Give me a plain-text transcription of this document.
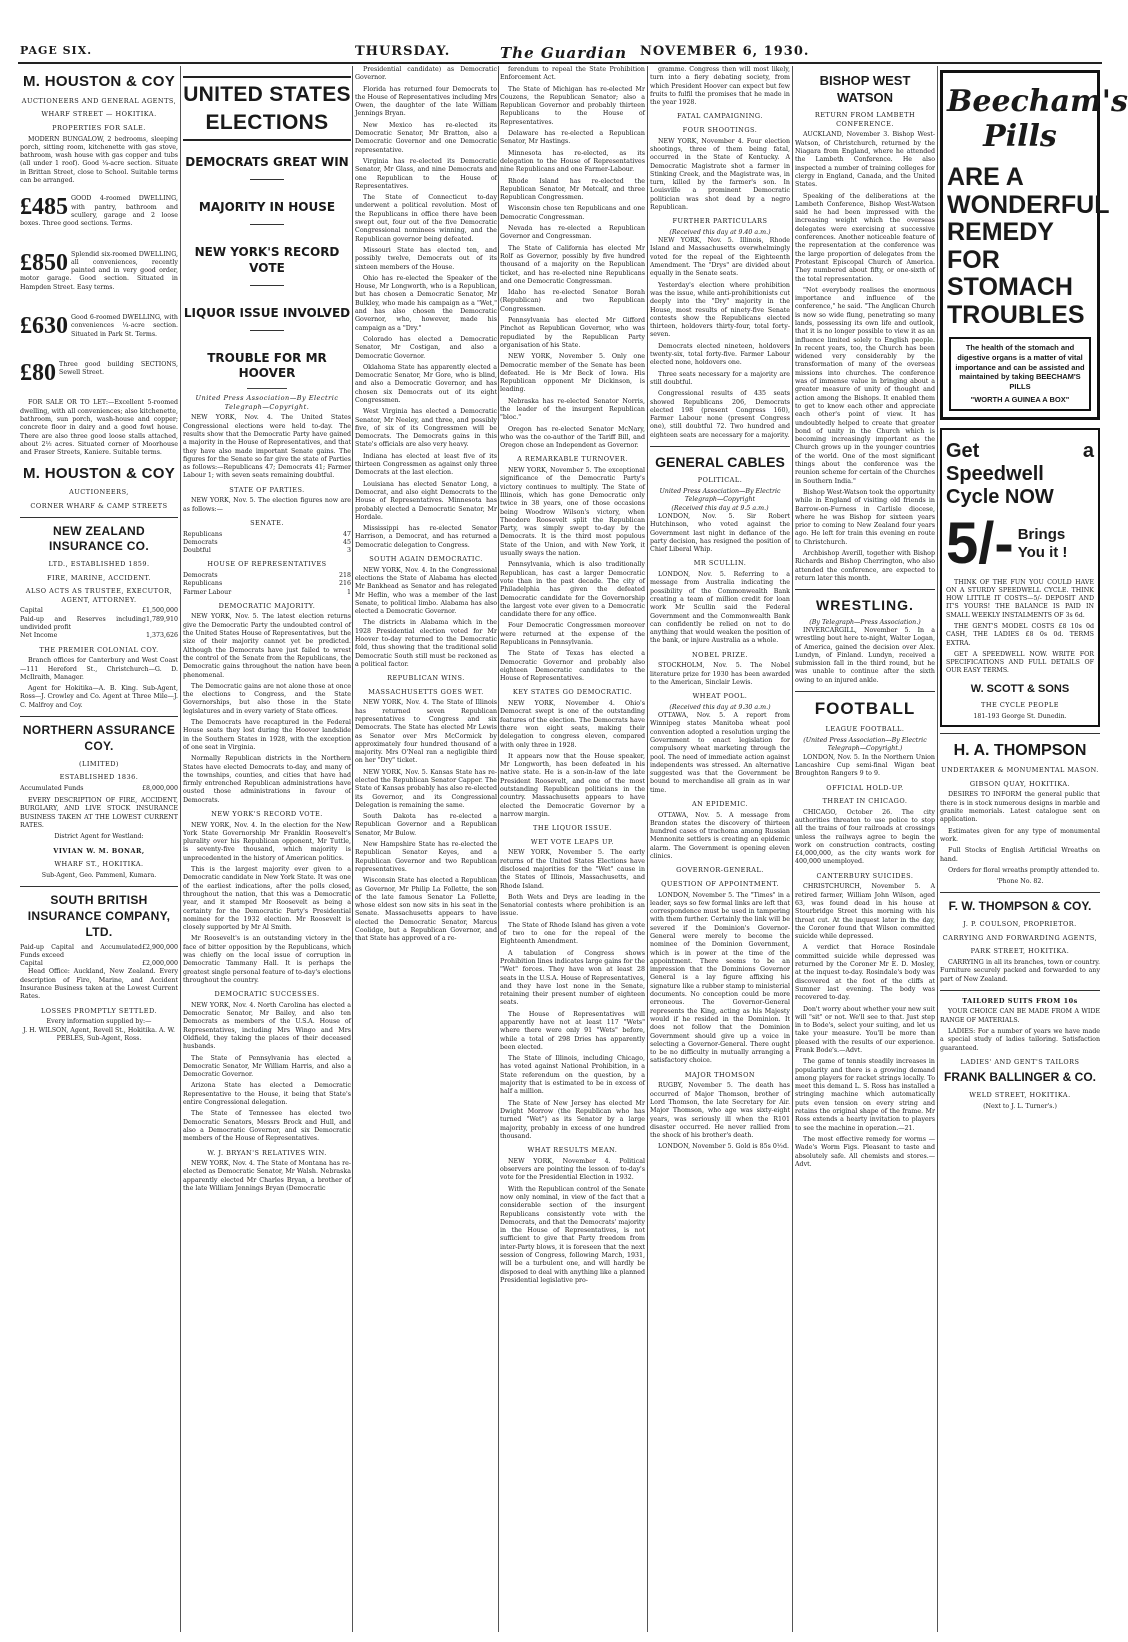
PAGE SIX.	THURSDAY.	The Guardian NOVEMBER 6, 1930.
M. HOUSTON & COY
AUCTIONEERS AND GENERAL AGENTS,
WHARF STREET — HOKITIKA.
PROPERTIES FOR SALE.

MODERN BUNGALOW, 2 bedrooms, sleeping porch, sitting room, kitchenette with gas stove, bathroom, wash house with gas copper and tubs (all under 1 roof). Good ¼-acre section. Situate in Brittan Street, close to School. Suitable terms can be arranged.

£485 GOOD 4-roomed DWELLING, with pantry, bathroom and scullery, garage and 2 loose boxes. Three good sections. Terms.
£850 Splendid six-roomed DWELLING, all conveniences, recently painted and in very good order, motor garage. Good section. Situated in Hampden Street. Easy terms.
£630 Good 6-roomed DWELLING, with conveniences ¼-acre section. Situated in Park St. Terms.
£80 Three good building SECTIONS, Sewell Street.

FOR SALE OR TO LET:—Excellent 5-roomed dwelling, with all conveniences; also kitchenette, bathroom, sun porch, wash-house and copper; concrete floor in dairy and a good fowl house. There are also three good loose stalls attached, about 2½ acres. Situated corner of Moorhouse and Fraser Streets, Kaniere. Suitable terms.

M. HOUSTON & COY
AUCTIONEERS,
CORNER WHARF & CAMP STREETS
NEW ZEALAND INSURANCE CO.
LTD., ESTABLISHED 1859.
FIRE, MARINE, ACCIDENT.
ALSO ACTS AS TRUSTEE, EXECUTOR, AGENT, ATTORNEY.
Capital	£1,500,000
Paid-up and Reserves including undivided profit
1,789,910
Net Income	1,373,626
THE PREMIER COLONIAL COY.

Branch offices for Canterbury and West Coast—111 Hereford St., Christchurch—G. D. McIlraith, Manager.

Agent for Hokitika—A. B. King. Sub-Agent, Ross—J. Crowley and Co. Agent at Three Mile—J. C. Malfroy and Coy.

NORTHERN ASSURANCE COY.
(LIMITED)
ESTABLISHED 1836.
Accumulated Funds	£8,000,000

EVERY DESCRIPTION OF FIRE, ACCIDENT, BURGLARY, AND LIVE STOCK INSURANCE BUSINESS TAKEN AT THE LOWEST CURRENT RATES.

District Agent for Westland:
VIVIAN W. M. BONAR,
WHARF ST., HOKITIKA.
Sub-Agent, Geo. Pammenl, Kumara.
SOUTH BRITISH INSURANCE COMPANY, LTD.
Paid-up Capital and Accumulated Funds exceed
£2,900,000
Capital	£2,000,000

Head Office: Auckland, New Zealand. Every description of Fire, Marine, and Accident Insurance Business taken at the Lowest Current Rates.

LOSSES PROMPTLY SETTLED.
Every information supplied by:—
J. H. WILSON, Agent, Revell St., Hokitika. A. W. PEBLES, Sub-Agent, Ross.
UNITED STATES ELECTIONS
DEMOCRATS GREAT WIN
MAJORITY IN HOUSE
NEW YORK'S RECORD VOTE
LIQUOR ISSUE INVOLVED
TROUBLE FOR MR HOOVER
United Press Association—By Electric Telegraph—Copyright.

NEW YORK, Nov. 4. The United States Congressional elections were held to-day. The results show that the Democratic Party have gained a majority in the House of Representatives, and that they have also made important Senate gains. The figures for the Senate so far give the state of Parties as follows:—Republicans 47; Democrats 41; Farmer Labour 1; with seven seats remaining doubtful.

STATE OF PARTIES.

NEW YORK, Nov. 5. The election figures now are as follows:—

SENATE.
Republicans	47
Democrats	45
Doubtful	3
HOUSE OF REPRESENTATIVES
Democrats	218
Republicans	216
Farmer Labour	1
DEMOCRATIC MAJORITY.

NEW YORK, Nov. 5. The latest election returns give the Democratic Party the undoubted control of the United States House of Representatives, but the size of their majority cannot yet be predicted. Although the Democrats have just failed to wrest the control of the Senate from the Republicans, the Democratic gains throughout the nation have been phenomenal.

The Democratic gains are not alone those at once the elections to Congress, and the State Governorships, but also those in the State legislatures and in every variety of State offices.

The Democrats have recaptured in the Federal House seats they lost during the Hoover landslide in the Southern States in 1928, with the exception of one seat in Virginia.

Normally Republican districts in the Northern States have elected Democrats to-day, and many of the townships, counties, and cities that have had firmly entrenched Republican administrations have ousted those administrations in favour of Democrats.

NEW YORK'S RECORD VOTE.

NEW YORK, Nov. 4. In the election for the New York State Governorship Mr Franklin Roosevelt's plurality over his Republican opponent, Mr Tuttle, is seventy-five thousand, which majority is unprecedented in the history of American politics.

This is the largest majority ever given to a Democratic candidate in New York State. It was one of the earliest indications, after the polls closed, throughout the nation, that this was a Democratic year, and it stamped Mr Roosevelt as being a certainty for the Democratic Party's Presidential nominee for the 1932 election. Mr Roosevelt is closely supported by Mr Al Smith.

Mr Roosevelt's is an outstanding victory in the face of bitter opposition by the Republicans, which was chiefly on the local issue of corruption in Democratic Tammany Hall. It is perhaps the greatest single personal feature of to-day's elections throughout the country.

DEMOCRATIC SUCCESSES.

NEW YORK, Nov. 4. North Carolina has elected a Democratic Senator, Mr Bailey, and also ten Democrats as members of the U.S.A. House of Representatives, including Mrs Wingo and Mrs Oldfield, they taking the places of their deceased husbands.

The State of Pennsylvania has elected a Democratic Senator, Mr William Harris, and also a Democratic Governor.

Arizona State has elected a Democratic Representative to the House, it being that State's entire Congressional delegation.

The State of Tennessee has elected two Democratic Senators, Messrs Brock and Hull, and also a Democratic Governor, and six Democratic members of the House of Representatives.

W. J. BRYAN'S RELATIVES WIN.

NEW YORK, Nov. 4. The State of Montana has re-elected as Democratic Senator, Mr Walsh. Nebraska apparently elected Mr Charles Bryan, a brother of the late William Jennings Bryan (Democratic

Presidential candidate) as Democratic Governor.

Florida has returned four Democrats to the House of Representatives including Mrs Owen, the daughter of the late William Jennings Bryan.

New Mexico has re-elected its Democratic Senator, Mr Bratton, also a Democratic Governor and one Democratic representative.

Virginia has re-elected its Democratic Senator, Mr Glass, and nine Democrats and one Republican to the House of Representatives.

The State of Connecticut to-day underwent a political revolution. Most of the Republicans in office there have been swept out, four out of the five Democratic Congressional nominees winning, and the Republican governor being defeated.

Missouri State has elected ten, and possibly twelve, Democrats out of its sixteen members of the House.

Ohio has re-elected the Speaker of the House, Mr Longworth, who is a Republican, but has chosen a Democratic Senator, Mr Bulkley, who made his campaign as a "Wet," and has also chosen the Democratic Governor, who, however, made his campaign as a "Dry."

Colorado has elected a Democratic Senator, Mr Costigan, and also a Democratic Governor.

Oklahoma State has apparently elected a Democratic Senator, Mr Gore, who is blind, and also a Democratic Governor, and has chosen six Democrats out of its eight Congressmen.

West Virginia has elected a Democratic Senator, Mr Neeley, and three, and possibly five, of six of its Congressmen will be Democrats. The Democrats gains in this State's officials are also very heavy.

Indiana has elected at least five of its thirteen Congressmen as against only three Democrats at the last election.

Louisiana has elected Senator Long, a Democrat, and also eight Democrats to the House of Representatives. Minnesota has probably elected a Democratic Senator, Mr Hordale.

Mississippi has re-elected Senator Harrison, a Democrat, and has returned a Democratic delegation to Congress.

SOUTH AGAIN DEMOCRATIC.

NEW YORK, Nov. 4. In the Congressional elections the State of Alabama has elected Mr Bankhead as Senator and has relegated Mr Heflin, who was a member of the last Senate, to political limbo. Alabama has also elected a Democratic Governor.

The districts in Alabama which in the 1928 Presidential election voted for Mr Hoover to-day returned to the Democratic fold, thus showing that the traditional solid Democratic South still must be reckoned as a political factor.

REPUBLICAN WINS.
MASSACHUSETTS GOES WET.

NEW YORK, Nov. 4. The State of Illinois has returned seven Republican representatives to Congress and six Democrats. The State has elected Mr Lewis as Senator over Mrs McCormick by approximately four hundred thousand of a majority. Mrs O'Neal ran a negligible third on her "Dry" ticket.

NEW YORK, Nov. 5. Kansas State has re-elected the Republican Senator Capper. The State of Kansas probably has also re-elected its Governor, and its Congressional Delegation is remaining the same.

South Dakota has re-elected a Republican Governor and a Republican Senator, Mr Bulow.

New Hampshire State has re-elected the Republican Senator Keyes, and a Republican Governor and two Republican representatives.

Wisconsin State has elected a Republican as Governor, Mr Philip La Follette, the son of the late famous Senator La Follette, whose eldest son now sits in his seat in the Senate. Massachusetts appears to have elected the Democratic Senator, Marcus Coolidge, but a Republican Governor, and that State has approved of a re-

ferendum to repeal the State Prohibition Enforcement Act.

The State of Michigan has re-elected Mr Couzens, the Republican Senator; also a Republican Governor and probably thirteen Republicans to the House of Representatives.

Delaware has re-elected a Republican Senator, Mr Hastings.

Minnesota has re-elected, as its delegation to the House of Representatives nine Republicans and one Farmer-Labour.

Rhode Island has re-elected the Republican Senator, Mr Metcalf, and three Republican Congressmen.

Wisconsin chose ten Republicans and one Democratic Congressman.

Nevada has re-elected a Republican Governor and Congressman.

The State of California has elected Mr Rolf as Governor, possibly by five hundred thousand of a majority on the Republican ticket, and has re-elected nine Republicans and one Democratic Congressman.

Idaho has re-elected Senator Borah (Republican) and two Republican Congressmen.

Pennsylvania has elected Mr Gifford Pinchot as Republican Governor, who was repudiated by the Republican Party organisation of his State.

NEW YORK, November 5. Only one Democratic member of the Senate has been defeated. He is Mr Beck of Iowa. His Republican opponent Mr Dickinson, is leading.

Nebraska has re-elected Senator Norris, the leader of the insurgent Republican "bloc."

Oregon has re-elected Senator McNary, who was the co-author of the Tariff Bill, and Oregon chose an Independent as Governor.

A REMARKABLE TURNOVER.

NEW YORK, November 5. The exceptional significance of the Democratic Party's victory continues to multiply. The State of Illinois, which has gone Democratic only twice in 38 years, one of those occasions being Woodrow Wilson's victory, when Theodore Roosevelt split the Republican Party, was simply swept to-day by the Democrats. It is the third most populous State of the Union, and with New York, it usually sways the nation.

Pennsylvania, which is also traditionally Republican, has cast a larger Democratic vote than in the past decade. The city of Philadelphia has given the defeated Democratic candidate for the Governorship the largest vote ever given to a Democratic candidate there for any office.

Four Democratic Congressmen moreover were returned at the expense of the Republicans in Pennsylvania.

The State of Texas has elected a Democratic Governor and probably also eighteen Democratic candidates to the House of Representatives.

KEY STATES GO DEMOCRATIC.

NEW YORK, November 4. Ohio's Democrat swept is one of the outstanding features of the election. The Democrats have there won eight seats, making their delegation to congress eleven, compared with only three in 1928.

It appears now that the House speaker, Mr Longworth, has been defeated in his native state. He is a son-in-law of the late President Roosevelt, and one of the most outstanding Republican politicians in the country. Massachusetts appears to have elected the Democratic Governor by a narrow margin.

THE LIQUOR ISSUE.
WET VOTE LEAPS UP.

NEW YORK, November 5. The early returns of the United States Elections have disclosed majorities for the "Wet" cause in the States of Illinois, Massachusetts, and Rhode Island.

Both Wets and Drys are leading in the Senatorial contests where prohibition is an issue.

The State of Rhode Island has given a vote of two to one for the repeal of the Eighteenth Amendment.

A tabulation of Congress shows Prohibition lines indicates large gains for the "Wet" forces. They have won at least 28 seats in the U.S.A. House of Representatives, and they have lost none in the Senate, retaining their present number of eighteen seats.

The House of Representatives will apparently have not at least 117 "Wets" where there were only 91 "Wets" before, while a total of 298 Dries has apparently been elected.

The State of Illinois, including Chicago, has voted against National Prohibition, in a State referendum on the question, by a majority that is estimated to be in excess of half a million.

The State of New Jersey has elected Mr Dwight Morrow (the Republican who has turned "Wet") as its Senator by a large majority, probably in excess of one hundred thousand.

WHAT RESULTS MEAN.

NEW YORK, November 4. Political observers are pointing the lesson of to-day's vote for the Presidential Election in 1932.

With the Republican control of the Senate now only nominal, in view of the fact that a considerable section of the insurgent Republicans consistently vote with the Democrats, and that the Democrats' majority in the House of Representatives, is not sufficient to give that Party freedom from inter-Party blows, it is foreseen that the next session of Congress, following March, 1931, will be a turbulent one, and will hardly be disposed to deal with anything like a planned Presidential legislative pro-

gramme. Congress then will most likely, turn into a fiery debating society, from which President Hoover can expect but few fruits to fulfil the promises that he made in the year 1928.

FATAL CAMPAIGNING.
FOUR SHOOTINGS.

NEW YORK, November 4. Four election shootings, three of them being fatal, occurred in the State of Kentucky. A Democratic Magistrate shot a farmer in Stinking Creek, and the Magistrate was, in turn, killed by the farmer's son. In Louisville a prominent Democratic politician was shot dead by a negro Republican.

FURTHER PARTICULARS
(Received this day at 9.40 a.m.)

NEW YORK, Nov. 5. Illinois, Rhode Island and Massachusetts overwhelmingly voted for the repeal of the Eighteenth Amendment. The "Drys" are divided about equally in the Senate seats.

Yesterday's election where prohibition was the issue, while anti-prohibitionists cut deeply into the "Dry" majority in the House, most results of ninety-five Senate contests show the Republicans elected thirteen, holdovers thirty-four, total forty-seven.

Democrats elected nineteen, holdovers twenty-six, total forty-five. Farmer Labour elected none, holdovers one.

Three seats necessary for a majority are still doubtful.

Congressional results of 435 seats showed Republicans 206, Democrats elected 198 (present Congress 160), Farmer Labour none (present Congress one), still doubtful 72. Two hundred and eighteen seats are necessary for a majority.

GENERAL CABLES
POLITICAL.
United Press Association—By Electric Telegraph—Copyright
(Received this day at 9.5 a.m.)

LONDON, Nov. 5. Sir Robert Hutchinson, who voted against the Government last night in defiance of the party decision, has resigned the position of Chief Liberal Whip.

MR SCULLIN.

LONDON, Nov. 5. Referring to a message from Australia indicating the possibility of the Commonwealth Bank creating a team of million credit for loan work Mr Scullin said the Federal Government and the Commonwealth Bank can confidently be relied on not to do anything that would weaken the position of the bank, or injure Australia as a whole.

NOBEL PRIZE.

STOCKHOLM, Nov. 5. The Nobel literature prize for 1930 has been awarded to the American, Sinclair Lewis.

WHEAT POOL.
(Received this day at 9.30 a.m.)

OTTAWA, Nov. 5. A report from Winnipeg states Manitoba wheat pool convention adopted a resolution urging the Government to enact legislation for compulsory wheat marketing through the pool. The need of immediate action against independents was stressed. An alternative suggested was that the Government be bound to merchandise all grain as in war time.

AN EPIDEMIC.

OTTAWA, Nov. 5. A message from Brandon states the discovery of thirteen hundred cases of trachoma among Russian Mennonite settlers is creating an epidemic alarm. The Government is opening eleven clinics.

GOVERNOR-GENERAL.
QUESTION OF APPOINTMENT.

LONDON, November 5. The "Times" in a leader, says so few formal links are left that correspondence must be used in tampering with them further. Certainly the link will be severed if the Dominion's Governor-General were merely to become the nominee of the Dominion Government, which is in power at the time of the appointment. There seems to be an impression that the Dominions Governor General is a lay figure affixing his signature like a rubber stamp to ministerial documents. No conception could be more erroneous. The Governor-General represents the King, acting as his Majesty would if he resided in the Dominion. It does not follow that the Dominion Government should give up a voice in selecting a Governor-General. There ought to be no difficulty in mutually arranging a satisfactory choice.

MAJOR THOMSON

RUGBY, November 5. The death has occurred of Major Thomson, brother of Lord Thomson, the late Secretary for Air. Major Thomson, who age was sixty-eight years, was seriously ill when the R101 disaster occurred. He never rallied from the shock of his brother's death.

LONDON, November 5. Gold is 85s 0½d.

BISHOP WEST WATSON
RETURN FROM LAMBETH CONFERENCE.

AUCKLAND, November 3. Bishop West-Watson, of Christchurch, returned by the Niagara from England, where he attended the Lambeth Conference. He also inspected a number of training colleges for clergy in England, Canada, and the United States.

Speaking of the deliberations at the Lambeth Conference, Bishop West-Watson said he had been impressed with the increasing weight which the overseas delegates were exercising at successive conferences. Another noticeable feature of the representation at the conference was the large proportion of delegates from the Protestant Episcopal Church of America. They numbered about fifty, or one-sixth of the total representation.

"Not everybody realises the enormous importance and influence of the conference," he said. "The Anglican Church is now so wide flung, penetrating so many lands, possessing its own life and outlook, that it is no longer possible to view it as an influence limited solely to English people. In recent years, too, the Church has been widened very considerably by the transformation of many of the overseas missions into churches. The conference was of immense value in bringing about a greater measure of unity of thought and action among the Bishops. It enabled them to get to know each other and appreciate each other's point of view. It has undoubtedly helped to create that greater bond of unity in the Church which is becoming increasingly important as the Church grows up in the younger countries of the world. One of the most significant things about the conference was the reunion scheme for certain of the Churches in Southern India."

Bishop West-Watson took the opportunity while in England of visiting old friends in Barrow-on-Furness in Carlisle diocese, where he was Bishop for sixteen years prior to coming to New Zealand four years ago. He left for train this evening en route to Christchurch.

Archbishop Averill, together with Bishop Richards and Bishop Cherrington, who also attended the conference, are expected to return later this month.

WRESTLING.
(By Telegraph—Press Association.)

INVERCARGILL, November 5. In a wrestling bout here to-night, Walter Logan, of America, gained the decision over Alex. Lundyn, of Finland. Lundyn, received a submission fall in the third round, but he was unable to continue after the sixth owing to an injured ankle.

FOOTBALL
LEAGUE FOOTBALL.
(United Press Association—By Electric Telegraph—Copyright.)

LONDON, Nov. 5. In the Northern Union Lancashire Cup semi-final Wigan beat Broughton Rangers 9 to 9.

OFFICIAL HOLD-UP.
THREAT IN CHICAGO.

CHICAGO, October 26. The city authorities threaten to use police to stop all the trains of four railroads at crossings unless the railways agree to begin the work on construction contracts, costing £4,000,000, as the city wants work for 400,000 unemployed.

CANTERBURY SUICIDES.

CHRISTCHURCH, November 5. A retired farmer, William John Wilson, aged 63, was found dead in his house at Stourbridge Street this morning with his throat cut. At the inquest later in the day, the Coroner found that Wilson committed suicide while depressed.

A verdict that Horace Rosindale committed suicide while depressed was returned by the Coroner Mr E. D. Mosley, at the inquest to-day. Rosindale's body was discovered at the foot of the cliffs at Sumner last evening. The body was recovered to-day.

Don't worry about whether your new suit will "sit" or not. We'll see to that. Just step in to Bode's, select your suiting, and let us take your measure. You'll be more than pleased with the results of our experience. Frank Bode's.—Advt.

The game of tennis steadily increases in popularity and there is a growing demand among players for racket strings locally. To meet this demand L. S. Ross has installed a stringing machine which automatically puts even tension on every string and retains the original shape of the frame. Mr Ross extends a hearty invitation to players to see the machine in operation.—21.

The most effective remedy for worms —Wade's Worm Figs. Pleasant to taste and absolutely safe. All chemists and stores.—Advt.

Beecham's Pills
ARE A
WONDERFUL
REMEDY
FOR
STOMACH
TROUBLES
The health of the stomach and digestive organs is a matter of vital importance and can be assisted and maintained by taking BEECHAM'S PILLS
"WORTH A GUINEA A BOX"
Get a Speedwell Cycle NOW
5/- Brings You it !

THINK OF THE FUN YOU COULD HAVE ON A STURDY SPEEDWELL CYCLE. THINK HOW LITTLE IT COSTS—5/- DEPOSIT AND IT'S YOURS! THE BALANCE IS PAID IN SMALL WEEKLY INSTALMENTS OF 3s 6d.

THE GENT'S MODEL COSTS £8 10s 0d CASH, THE LADIES £8 0s 0d. TERMS EXTRA.

GET A SPEEDWELL NOW. WRITE FOR SPECIFICATIONS AND FULL DETAILS OF OUR EASY TERMS.

W. SCOTT & SONS
THE CYCLE PEOPLE
181-193 George St. Dunedin.
H. A. THOMPSON
UNDERTAKER & MONUMENTAL MASON.
GIBSON QUAY, HOKITIKA.

DESIRES TO INFORM the general public that there is in stock numerous designs in marble and granite memorials. Latest catalogue sent on application.

Estimates given for any type of monumental work.

Full Stocks of English Artificial Wreaths on hand.

Orders for floral wreaths promptly attended to.

'Phone No. 82.
F. W. THOMPSON & COY.
J. P. COULSON, PROPRIETOR.
CARRYING AND FORWARDING AGENTS,
PARK STREET, HOKITIKA.

CARRYING in all its branches, town or country. Furniture securely packed and forwarded to any part of New Zealand.

TAILORED SUITS FROM 10s

YOUR CHOICE CAN BE MADE FROM A WIDE RANGE OF MATERIALS.

LADIES: For a number of years we have made a special study of ladies tailoring. Satisfaction guaranteed.

LADIES' AND GENT'S TAILORS
FRANK BALLINGER & CO.
WELD STREET, HOKITIKA.
(Next to J. L. Turner's.)
